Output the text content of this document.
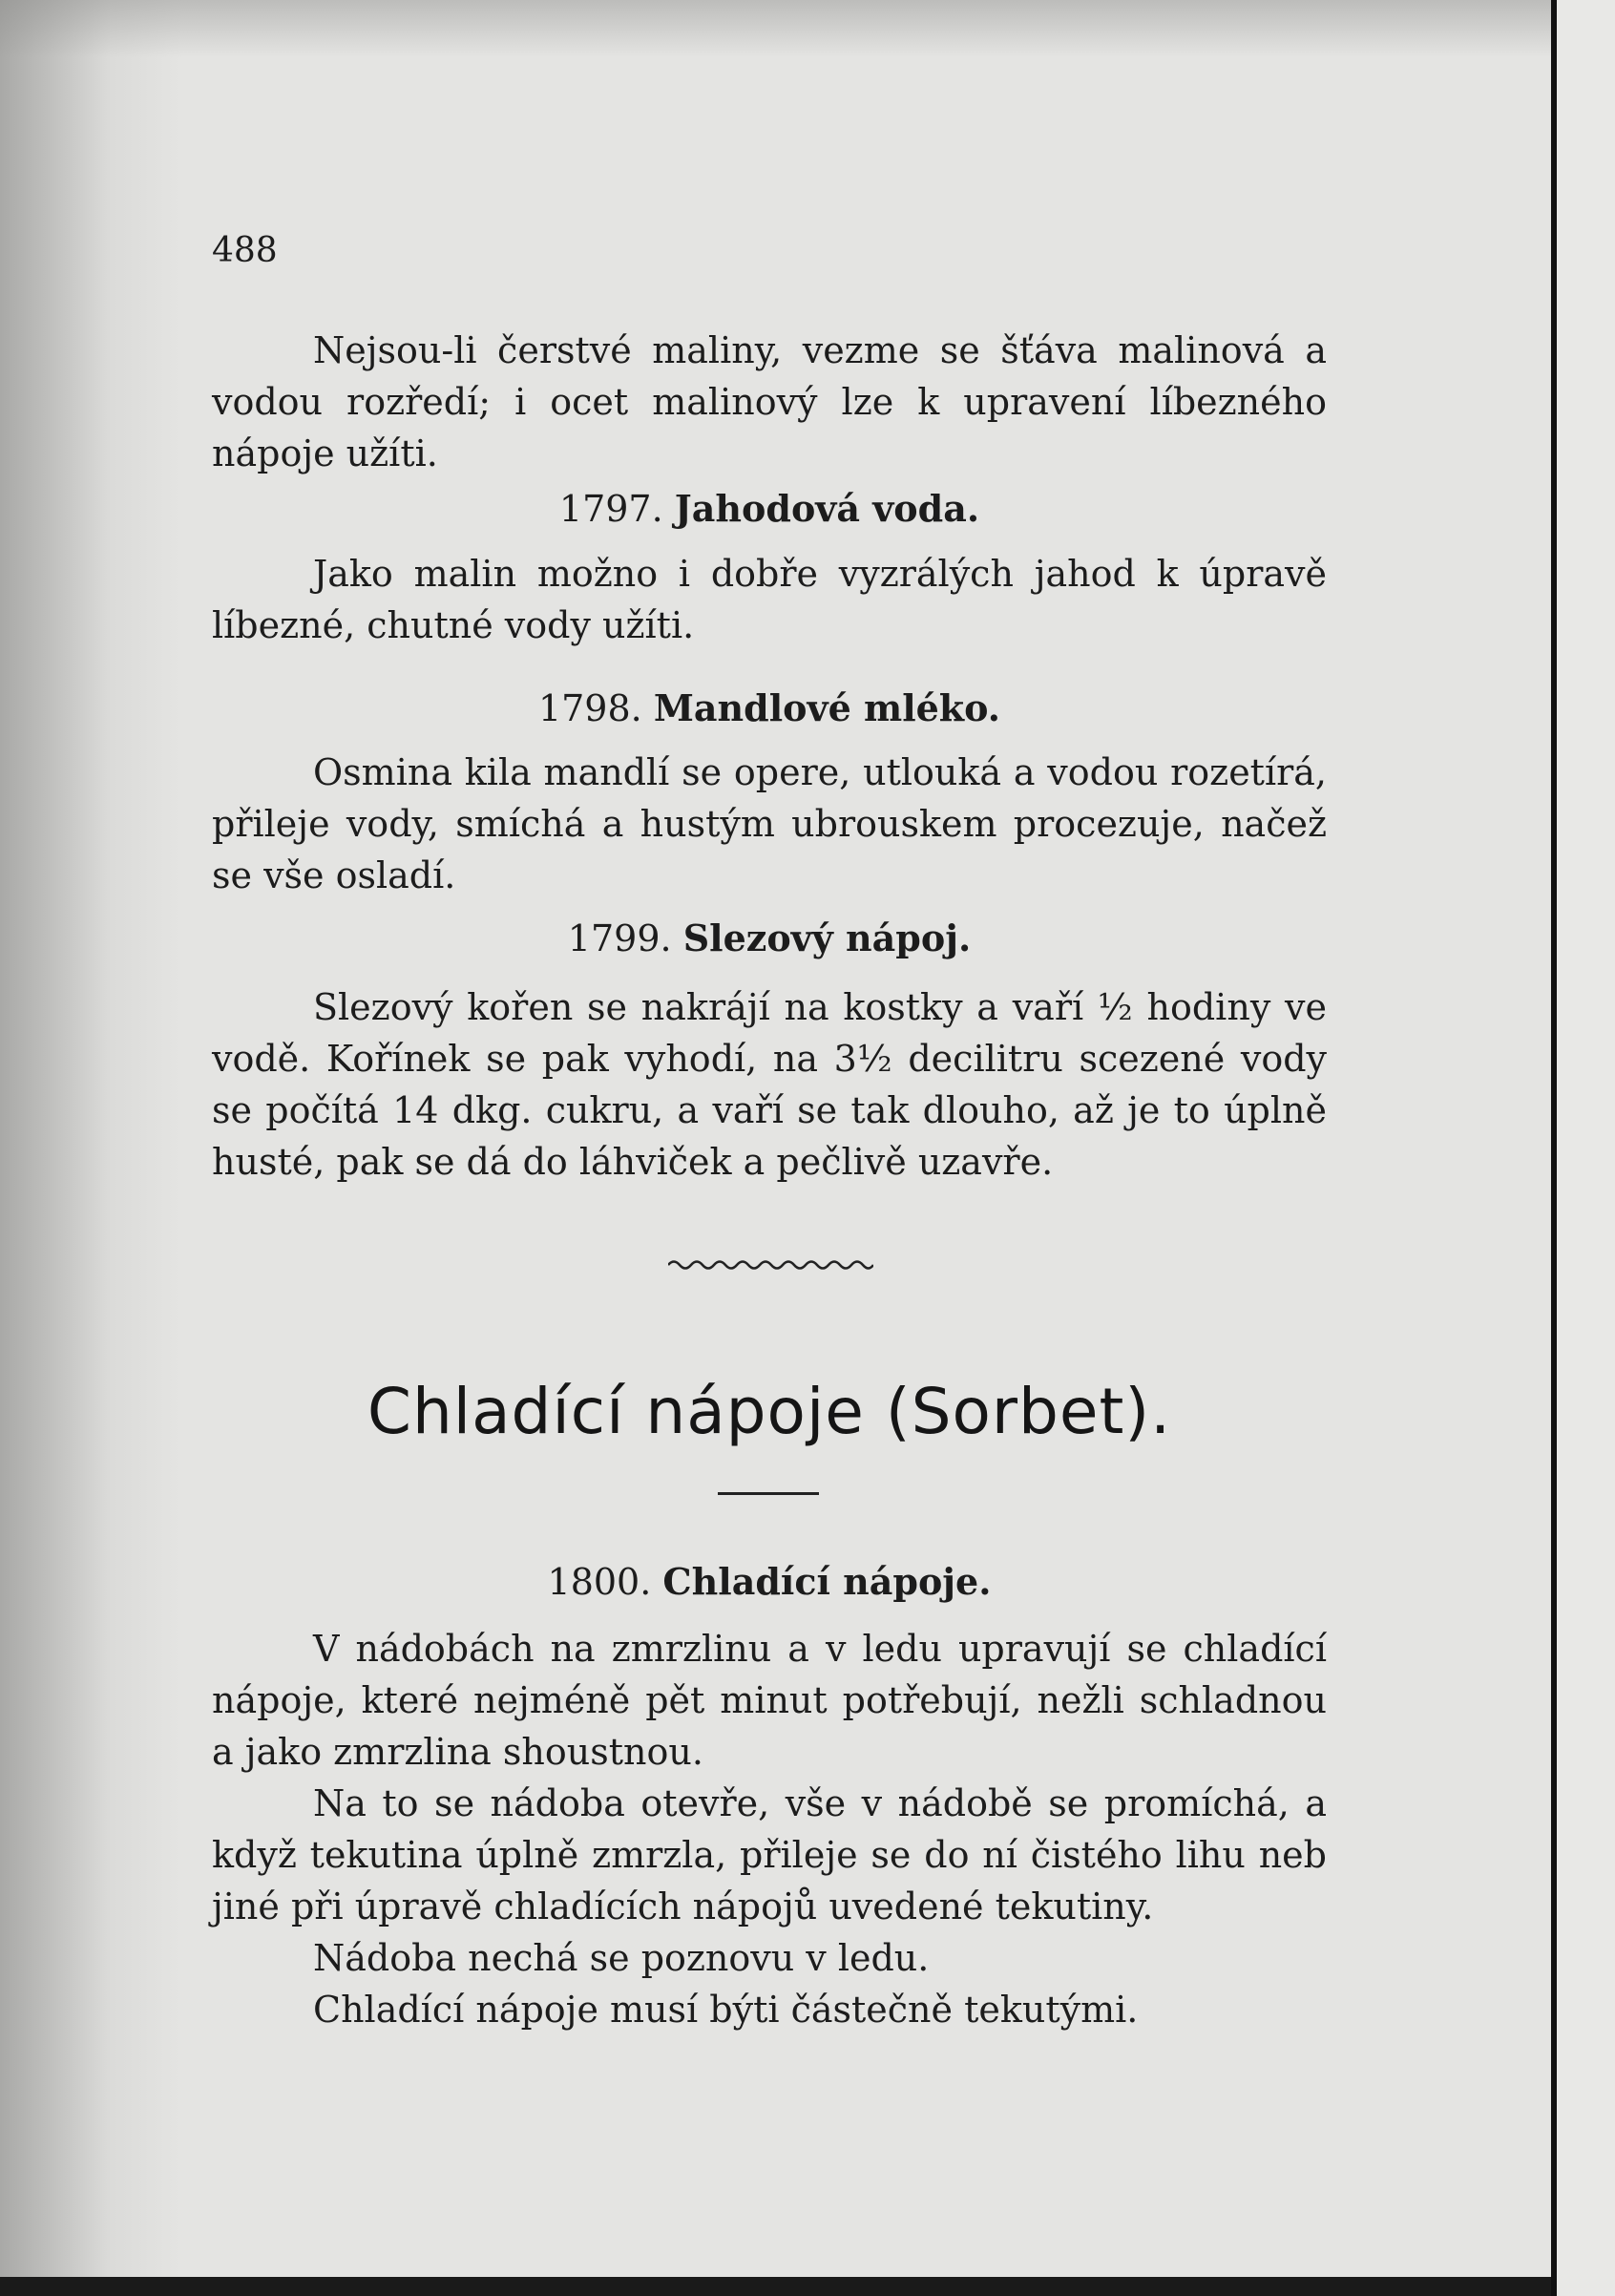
488

Nejsou-li čerstvé maliny, vezme se šťáva malinová a vodou rozředí; i ocet malinový lze k upravení líbezného nápoje užíti.

1797. Jahodová voda.

Jako malin možno i dobře vyzrálých jahod k úpravě líbezné, chutné vody užíti.

1798. Mandlové mléko.

Osmina kila mandlí se opere, utlouká a vodou rozetírá, přileje vody, smíchá a hustým ubrouskem procezuje, načež se vše osladí.

1799. Slezový nápoj.

Slezový kořen se nakrájí na kostky a vaří ½ hodiny ve vodě. Kořínek se pak vyhodí, na 3½ decilitru scezené vody se počítá 14 dkg. cukru, a vaří se tak dlouho, až je to úplně husté, pak se dá do láhviček a pečlivě uzavře.

Chladící nápoje (Sorbet).

1800. Chladící nápoje.

V nádobách na zmrzlinu a v ledu upravují se chladící nápoje, které nejméně pět minut potřebují, nežli schladnou a jako zmrzlina shoustnou.

Na to se nádoba otevře, vše v nádobě se promíchá, a když tekutina úplně zmrzla, přileje se do ní čistého lihu neb jiné při úpravě chladících nápojů uvedené tekutiny.

Nádoba nechá se poznovu v ledu.

Chladící nápoje musí býti částečně tekutými.
